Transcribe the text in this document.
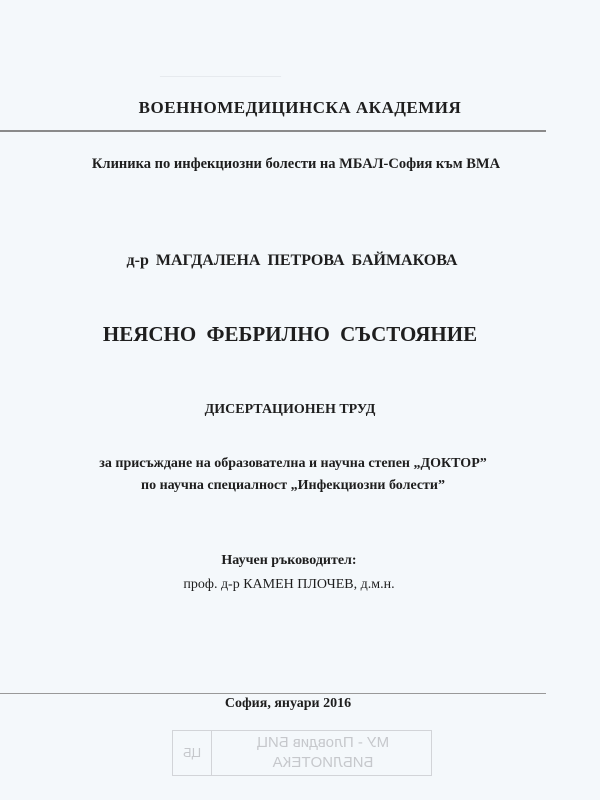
———————————
ВОЕННОМЕДИЦИНСКА АКАДЕМИЯ
Клиника по инфекциозни болести на МБАЛ-София към ВМА
д-р МАГДАЛЕНА ПЕТРОВА БАЙМАКОВА
НЕЯСНО ФЕБРИЛНО СЪСТОЯНИЕ
ДИСЕРТАЦИОНЕН ТРУД
за присъждане на образователна и научна степен „ДОКТОР”
по научна специалност „Инфекциозни болести”
Научен ръководител:
проф. д-р КАМЕН ПЛОЧЕВ, д.м.н.
София, януари 2016
МУ - Пловдив БИЦ
БИБЛИОТЕКА
ЦБ
